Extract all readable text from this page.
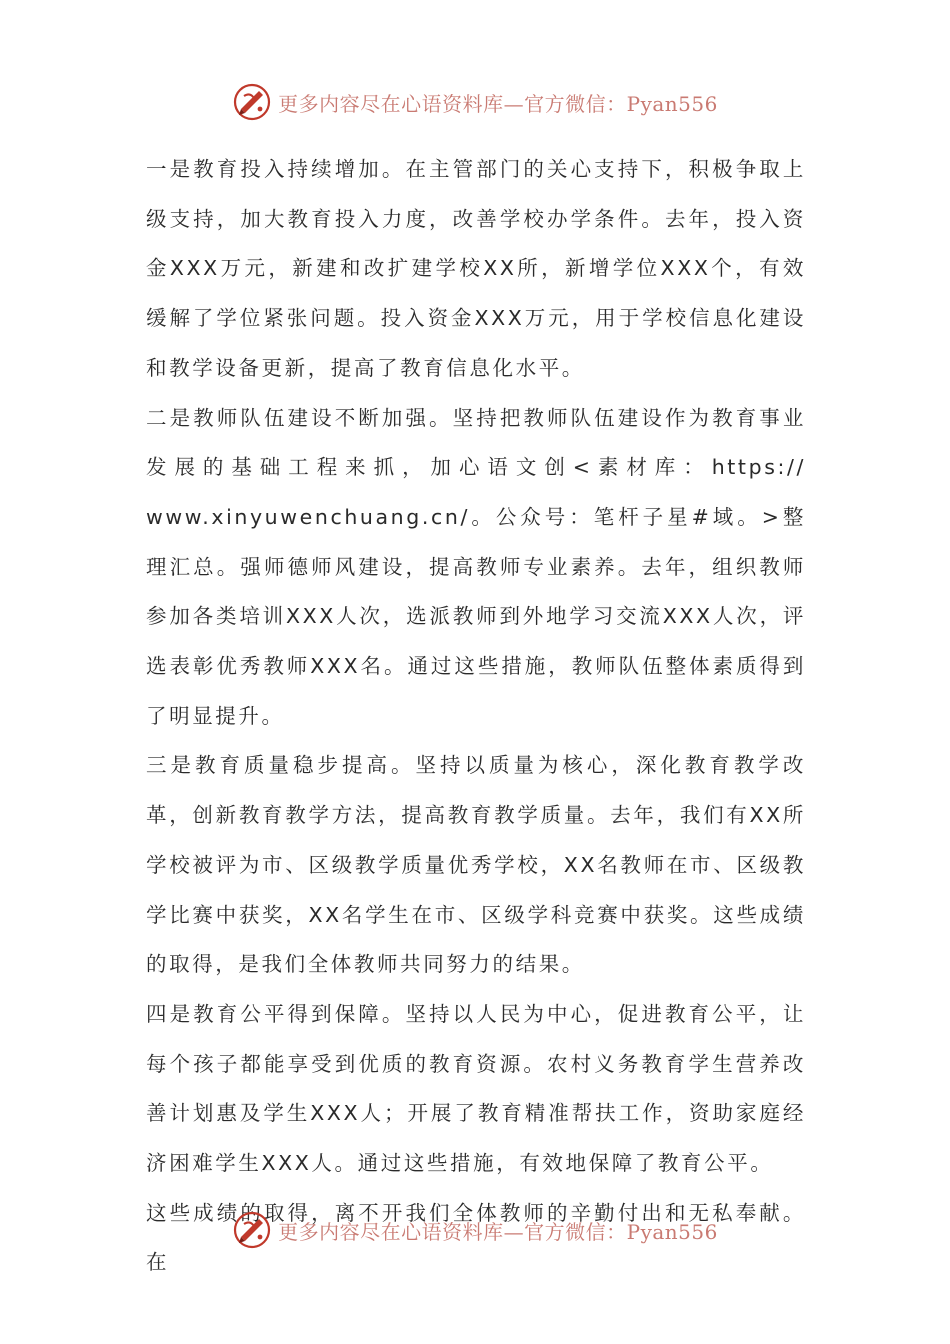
更多内容尽在心语资料库—官方微信：Pyan556

一是教育投入持续增加。在主管部门的关心支持下，积极争取上级支持，加大教育投入力度，改善学校办学条件。去年，投入资金XXX万元，新建和改扩建学校XX所，新增学位XXX个，有效缓解了学位紧张问题。投入资金XXX万元，用于学校信息化建设和教学设备更新，提高了教育信息化水平。

二是教师队伍建设不断加强。坚持把教师队伍建设作为教育事业发展的基础工程来抓，加心语文创<素材库：https://

www.xinyuwenchuang.cn/。公众号：笔杆子星#域。>整理汇总。强师德师风建设，提高教师专业素养。去年，组织教师参加各类培训XXX人次，选派教师到外地学习交流XXX人次，评选表彰优秀教师XXX名。通过这些措施，教师队伍整体素质得到了明显提升。

三是教育质量稳步提高。坚持以质量为核心，深化教育教学改革，创新教育教学方法，提高教育教学质量。去年，我们有XX所学校被评为市、区级教学质量优秀学校，XX名教师在市、区级教学比赛中获奖，XX名学生在市、区级学科竞赛中获奖。这些成绩的取得，是我们全体教师共同努力的结果。

四是教育公平得到保障。坚持以人民为中心，促进教育公平，让每个孩子都能享受到优质的教育资源。农村义务教育学生营养改善计划惠及学生XXX人；开展了教育精准帮扶工作，资助家庭经济困难学生XXX人。通过这些措施，有效地保障了教育公平。

这些成绩的取得，离不开我们全体教师的辛勤付出和无私奉献。在

更多内容尽在心语资料库—官方微信：Pyan556
